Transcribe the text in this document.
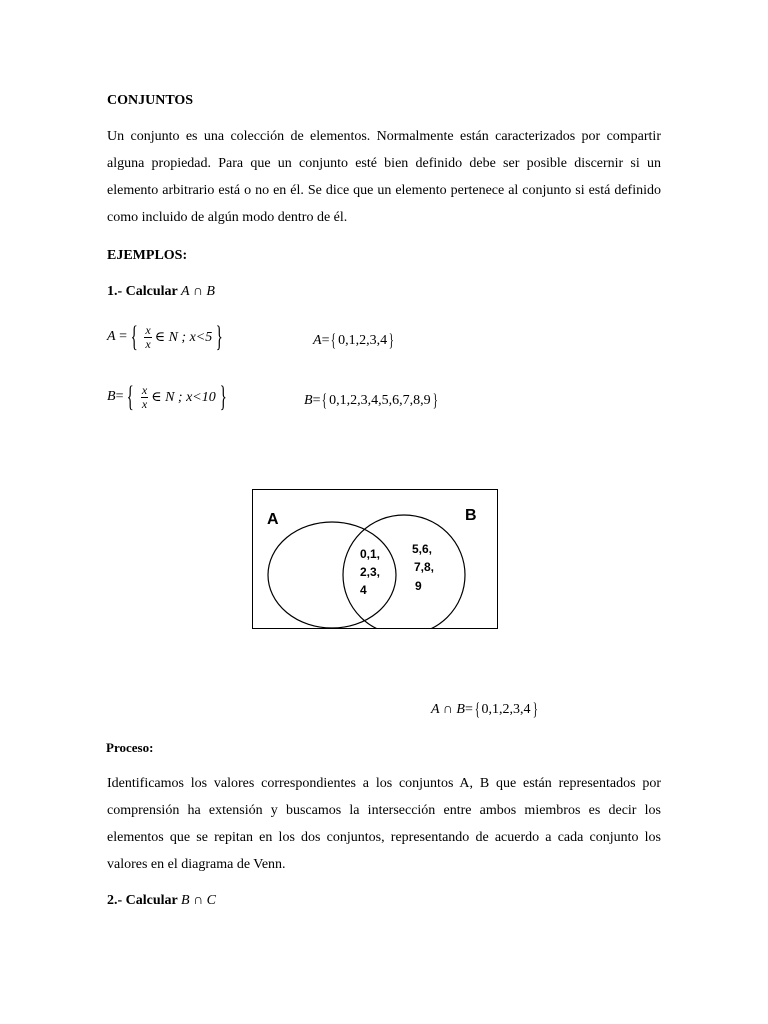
CONJUNTOS
Un conjunto es una colección de elementos. Normalmente están caracterizados por compartir alguna propiedad. Para que un conjunto esté bien definido debe ser posible discernir si un elemento arbitrario está o no en él. Se dice que un elemento pertenece al conjunto si está definido como incluido de algún modo dentro de él.
EJEMPLOS:
1.- Calcular A ∩ B
A = { $\frac{x}{x}$ ∈ N ; x<5 }	A = { 0,1,2,3,4 }
B = { $\frac{x}{x}$ ∈ N ; x<10 }	B = { 0,1,2,3,4,5,6,7,8,9 }
A	B
0,1,
2,3,
4
5,6,
7,8,
9
A ∩ B = { 0,1,2,3,4 }
Proceso:
Identificamos los valores correspondientes a los conjuntos A, B que están representados por comprensión ha extensión y buscamos la intersección entre ambos miembros es decir los elementos que se repitan en los dos conjuntos, representando de acuerdo a cada conjunto los valores en el diagrama de Venn.
2.- Calcular B ∩ C
